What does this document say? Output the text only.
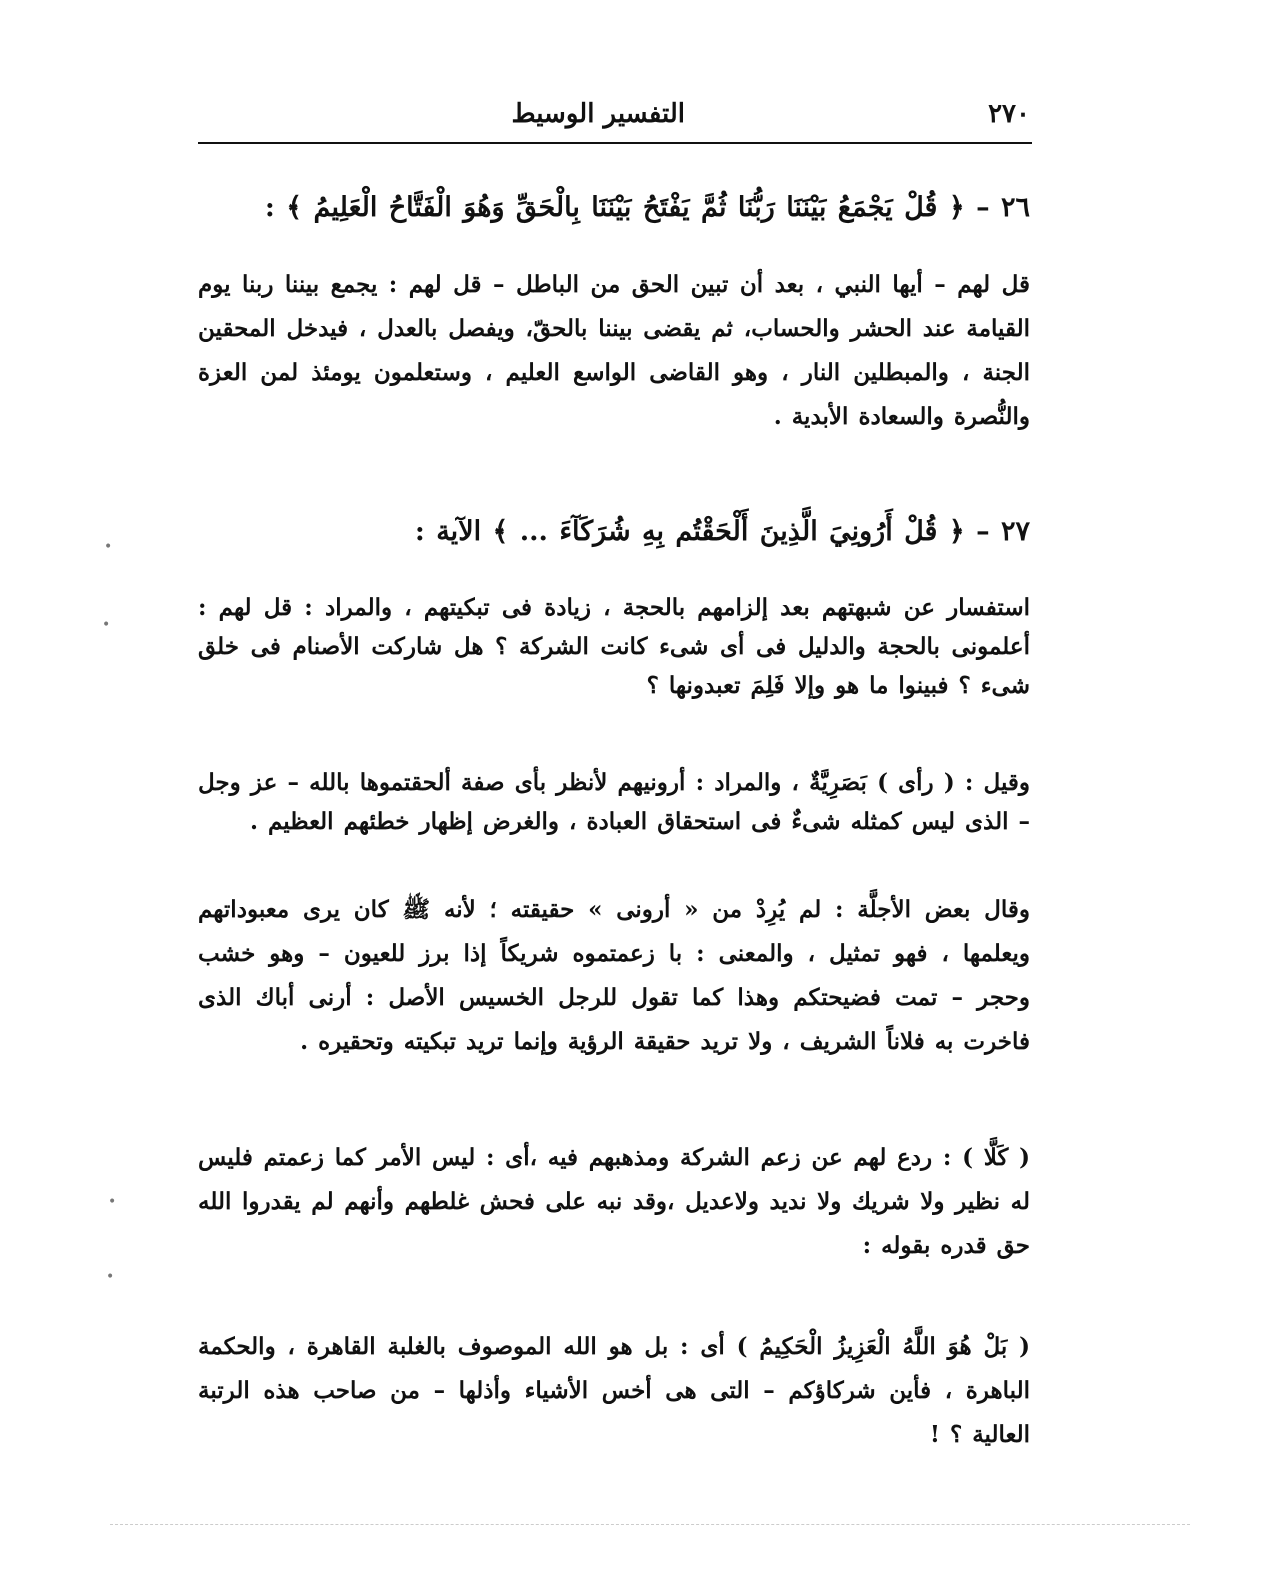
٢٧٠
التفسير الوسيط
٢٦ – ﴿ قُلْ يَجْمَعُ بَيْنَنَا رَبُّنَا ثُمَّ يَفْتَحُ بَيْنَنَا بِالْحَقِّ وَهُوَ الْفَتَّاحُ الْعَلِيمُ ﴾ :
قل لهم – أيها النبي ، بعد أن تبين الحق من الباطل – قل لهم : يجمع بيننا ربنا يوم القيامة عند الحشر والحساب، ثم يقضى بيننا بالحقّ، ويفصل بالعدل ، فيدخل المحقين الجنة ، والمبطلين النار ، وهو القاضى الواسع العليم ، وستعلمون يومئذ لمن العزة والنُّصرة والسعادة الأبدية .
٢٧ – ﴿ قُلْ أَرُونِيَ الَّذِينَ أَلْحَقْتُم بِهِ شُرَكَآءَ ... ﴾ الآية :
استفسار عن شبهتهم بعد إلزامهم بالحجة ، زيادة فى تبكيتهم ، والمراد : قل لهم : أعلمونى بالحجة والدليل فى أى شىء كانت الشركة ؟ هل شاركت الأصنام فى خلق شىء ؟ فبينوا ما هو وإلا فَلِمَ تعبدونها ؟
وقيل : ( رأى ) بَصَرِيَّةٌ ، والمراد : أرونيهم لأنظر بأى صفة ألحقتموها بالله – عز وجل – الذى ليس كمثله شىءٌ فى استحقاق العبادة ، والغرض إظهار خطئهم العظيم .
وقال بعض الأجلَّة : لم يُرِدْ من « أرونى » حقيقته ؛ لأنه ﷺ كان يرى معبوداتهم ويعلمها ، فهو تمثيل ، والمعنى : با زعمتموه شريكاً إذا برز للعيون – وهو خشب وحجر – تمت فضيحتكم وهذا كما تقول للرجل الخسيس الأصل : أرنى أباك الذى فاخرت به فلاناً الشريف ، ولا تريد حقيقة الرؤية وإنما تريد تبكيته وتحقيره .
( كَلَّا ) : ردع لهم عن زعم الشركة ومذهبهم فيه ،أى : ليس الأمر كما زعمتم فليس له نظير ولا شريك ولا نديد ولاعديل ،وقد نبه على فحش غلطهم وأنهم لم يقدروا الله حق قدره بقوله :
( بَلْ هُوَ اللَّهُ الْعَزِيزُ الْحَكِيمُ ) أى : بل هو الله الموصوف بالغلبة القاهرة ، والحكمة الباهرة ، فأين شركاؤكم – التى هى أخس الأشياء وأذلها – من صاحب هذه الرتبة العالية ؟ !
•
•
•
•
